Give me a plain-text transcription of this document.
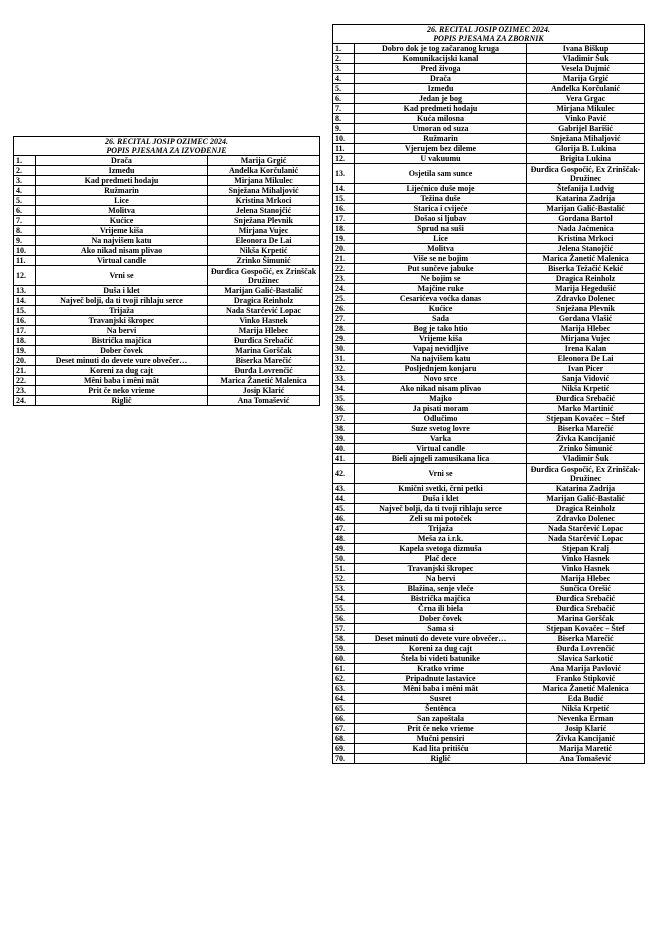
26. RECITAL JOSIP OZIMEC 2024.
POPIS PJESAMA ZA IZVOĐENJE		

1.	Drača	Marija Grgić
2.	Između	Anđelka Korčulanić
3.	Kad predmeti hodaju	Mirjana Mikulec
4.	Ružmarin	Snježana Mihaljović
5.	Lice	Kristina Mrkoci
6.	Molitva	Jelena Stanojčić
7.	Kućice	Snježana Plevnik
8.	Vrijeme kiša	Mirjana Vujec
9.	Na najvišem katu	Eleonora De Lai
10.	Ako nikad nisam plivao	Nikša Krpetić
11.	Virtual candle	Zrinko Šimunić
12.	Vrni se	Đurđica Gospočić, ex Zrinščak Družinec
13.	Duša i klet	Marijan Galić-Bastalić
14.	Največ bolji, da ti tvoji rihlaju serce	Dragica Reinholz
15.	Trijaža	Nada Starčević Lopac
16.	Travanjski škropec	Vinko Hasnek
17.	Na bervi	Marija Hlebec
18.	Bistrička majčica	Đurđica Srebačić
19.	Dober čovek	Marina Gorščak
20.	Deset minuti do devete vure obvečer…	Biserka Marečić
21.	Koreni za dug cajt	Đurđa Lovrenčić
22.	Mêni baba i mêni mât	Marica Žanetić Malenica
23.	Prit če neko vrieme	Josip Klarić
24.	Riglič	Ana Tomašević
26. RECITAL JOSIP OZIMEC 2024.
POPIS PJESAMA ZA ZBORNIK		

1.	Dobro dok je tog začaranog kruga	Ivana Biškup
2.	Komunikacijski kanal	Vladimir Šuk
3.	Pred živoga	Vesela Dujmić
4.	Drača	Marija Grgić
5.	Između	Anđelka Korčulanić
6.	Jedan je bog	Vera Grgac
7.	Kad predmeti hodaju	Mirjana Mikulec
8.	Kuća milosna	Vinko Pavić
9.	Umoran od suza	Gabrijel Barišić
10.	Ružmarin	Snježana Mihaljović
11.	Vjerujem bez dileme	Glorija B. Lukina
12.	U vakuumu	Brigita Lukina
13.	Osjetila sam sunce	Đurđica Gospočić, Ex Zrinščak-Družinec
14.	Lijećnico duše moje	Štefanija Ludvig
15.	Težina duše	Katarina Zadrija
16.	Starica i cvijeće	Marijan Galić-Bastalić
17.	Došao si ljubav	Gordana Bartol
18.	Sprud na suši	Nada Jaćmenica
19.	Lice	Kristina Mrkoci
20.	Molitva	Jelena Stanojčić
21.	Više se ne bojim	Marica Žanetić Malenica
22.	Put sunčeve jabuke	Biserka Težačić Kekić
23.	Ne bojim se	Dragica Reinholz
24.	Majčine ruke	Marija Hegedušić
25.	Cesarićeva voćka danas	Zdravko Dolenec
26.	Kućice	Snježana Plevnik
27.	Sada	Gordana Vlašić
28.	Bog je tako htio	Marija Hlebec
29.	Vrijeme kiša	Mirjana Vujec
30.	Vapaj nevidljive	Irena Kalan
31.	Na najvišem katu	Eleonora De Lai
32.	Posljednjem konjaru	Ivan Picer
33.	Novo srce	Sanja Vidović
34.	Ako nikad nisam plivao	Nikša Krpetić
35.	Majko	Đurđica Srebačić
36.	Ja pisati moram	Marko Martinić
37.	Odlučimo	Stjepan Kovačec – Štef
38.	Suze svetog lovre	Biserka Marečić
39.	Varka	Živka Kancijanić
40.	Virtual candle	Zrinko Šimunić
41.	Bieli ajngeli zamusikana lica	Vladimir Šuk
42.	Vrni se	Đurđica Gospočić, Ex Zrinščak-Družinec
43.	Kmični svetki, črni petki	Katarina Zadrija
44.	Duša i klet	Marijan Galić-Bastalić
45.	Največ bolji, da ti tvoji rihlaju serce	Dragica Reinholz
46.	Zeli su mi potoček	Zdravko Dolenec
47.	Trijaža	Nada Starčević Lopac
48.	Meša za i.r.k.	Nada Starčević Lopac
49.	Kapela svetoga dizmuša	Stjepan Kralj
50.	Plač dece	Vinko Hasnek
51.	Travanjski škropec	Vinko Hasnek
52.	Na bervi	Marija Hlebec
53.	Blažina, senje vleče	Sunčica Orešić
54.	Bistrička majčica	Đurđica Srebačić
55.	Črna ili biela	Đurđica Srebačić
56.	Dober čovek	Marina Gorščak
57.	Sama si	Stjepan Kovačec – Štef
58.	Deset minuti do devete vure obvečer…	Biserka Marečić
59.	Koreni za dug cajt	Đurđa Lovrenčić
60.	Štela bi videti batunike	Slavica Sarkotić
61.	Kratko vrime	Ana Marija Pavlović
62.	Pripadnute lastavice	Franko Stipković
63.	Mêni baba i mêni mât	Marica Žanetić Malenica
64.	Susret	Eda Budić
65.	Šentênca	Nikša Krpetić
66.	San zapoštala	Nevenka Erman
67.	Prit če neko vrieme	Josip Klarić
68.	Mučni pensiri	Živka Kancijanić
69.	Kad lita pritišću	Marija Maretić
70.	Riglič	Ana Tomašević
